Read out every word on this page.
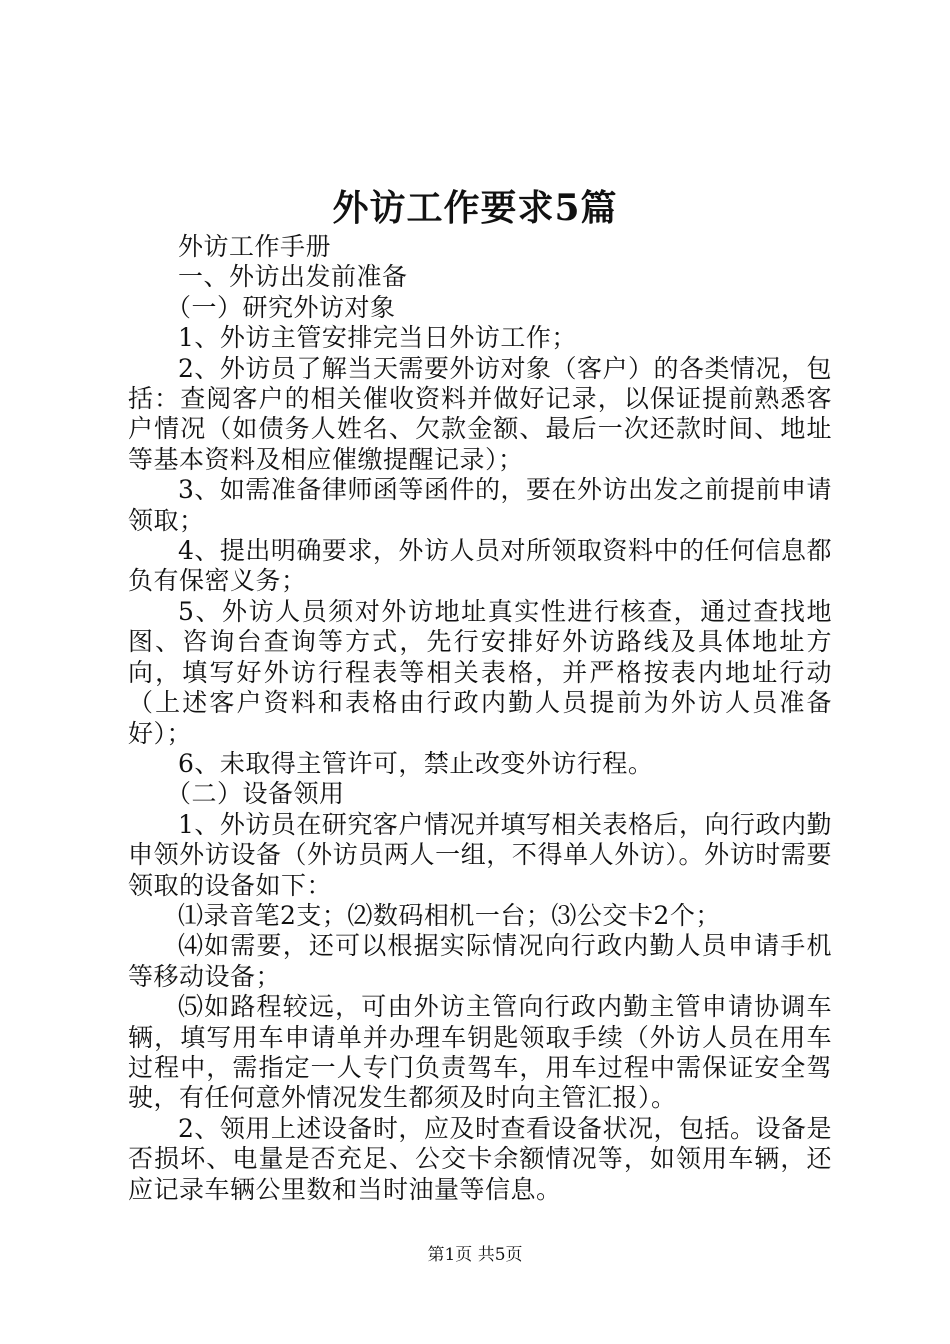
外访工作要求5篇

外访工作手册

一、外访出发前准备

（一）研究外访对象

1、外访主管安排完当日外访工作；

2、外访员了解当天需要外访对象（客户）的各类情况，包括：查阅客户的相关催收资料并做好记录，以保证提前熟悉客户情况（如债务人姓名、欠款金额、最后一次还款时间、地址等基本资料及相应催缴提醒记录）；

3、如需准备律师函等函件的，要在外访出发之前提前申请领取；

4、提出明确要求，外访人员对所领取资料中的任何信息都负有保密义务；

5、外访人员须对外访地址真实性进行核查，通过查找地图、咨询台查询等方式，先行安排好外访路线及具体地址方向，填写好外访行程表等相关表格，并严格按表内地址行动（上述客户资料和表格由行政内勤人员提前为外访人员准备好）；

6、未取得主管许可，禁止改变外访行程。

（二）设备领用

1、外访员在研究客户情况并填写相关表格后，向行政内勤申领外访设备（外访员两人一组，不得单人外访）。外访时需要领取的设备如下：

⑴录音笔2支；⑵数码相机一台；⑶公交卡2个；

⑷如需要，还可以根据实际情况向行政内勤人员申请手机等移动设备；

⑸如路程较远，可由外访主管向行政内勤主管申请协调车辆，填写用车申请单并办理车钥匙领取手续（外访人员在用车过程中，需指定一人专门负责驾车，用车过程中需保证安全驾驶，有任何意外情况发生都须及时向主管汇报）。

2、领用上述设备时，应及时查看设备状况，包括。设备是否损坏、电量是否充足、公交卡余额情况等，如领用车辆，还应记录车辆公里数和当时油量等信息。

第1页 共5页
